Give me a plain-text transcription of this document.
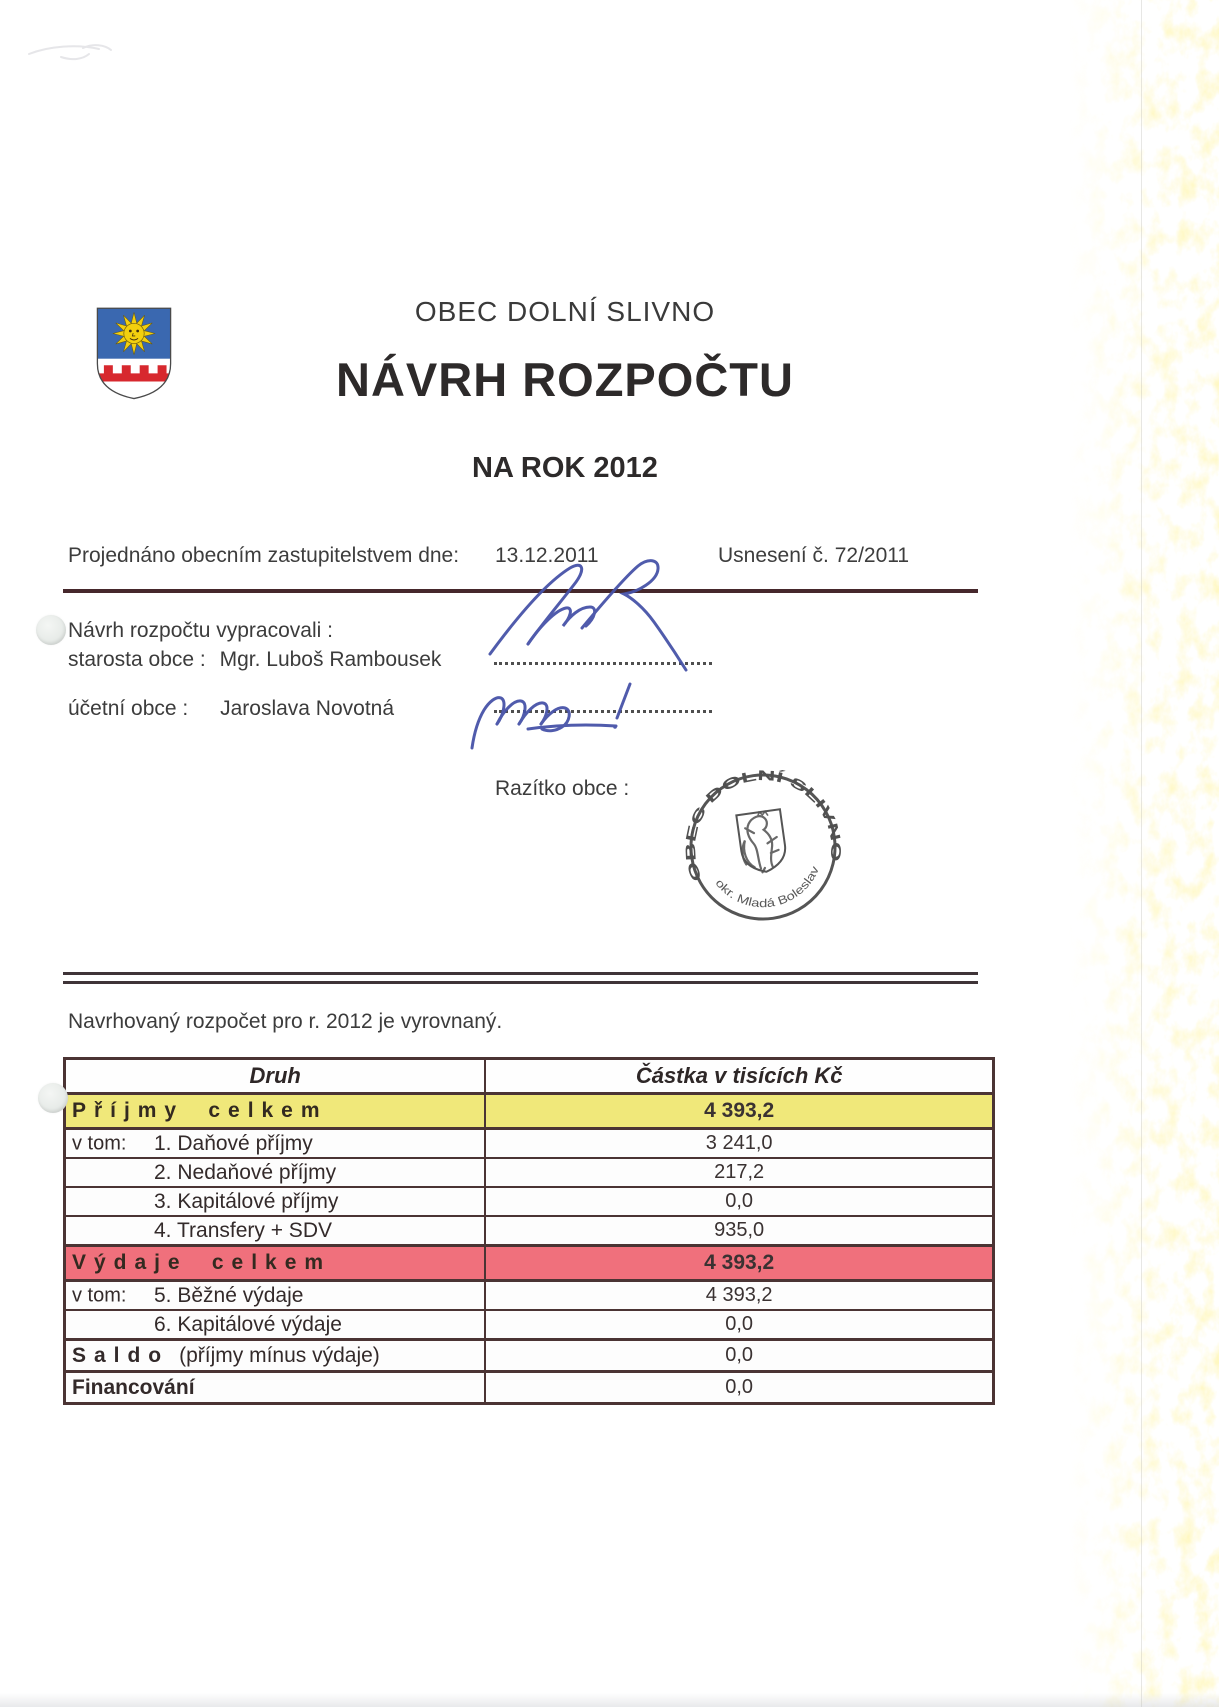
OBEC DOLNÍ SLIVNO
NÁVRH ROZPOČTU
NA ROK 2012
Projednáno obecním zastupitelstvem dne: 13.12.2011	Usnesení č. 72/2011
Návrh rozpočtu vypracovali :
starosta obce : Mgr. Luboš Rambousek
účetní obce : Jaroslava Novotná
Razítko obce :
OBEC DOLNÍ SLIVNO
okr. Mladá Boleslav
Navrhovaný rozpočet pro r. 2012 je vyrovnaný.
Druh	Částka v tisících Kč
Příjmy celkem	4 393,2

v tom: 1. Daňové příjmy	3 241,0

2. Nedaňové příjmy	217,2

3. Kapitálové příjmy	0,0

4. Transfery + SDV	935,0
Výdaje celkem	4 393,2

v tom: 5. Běžné výdaje	4 393,2

6. Kapitálové výdaje	0,0
Saldo (příjmy mínus výdaje)	0,0
Financování	0,0
